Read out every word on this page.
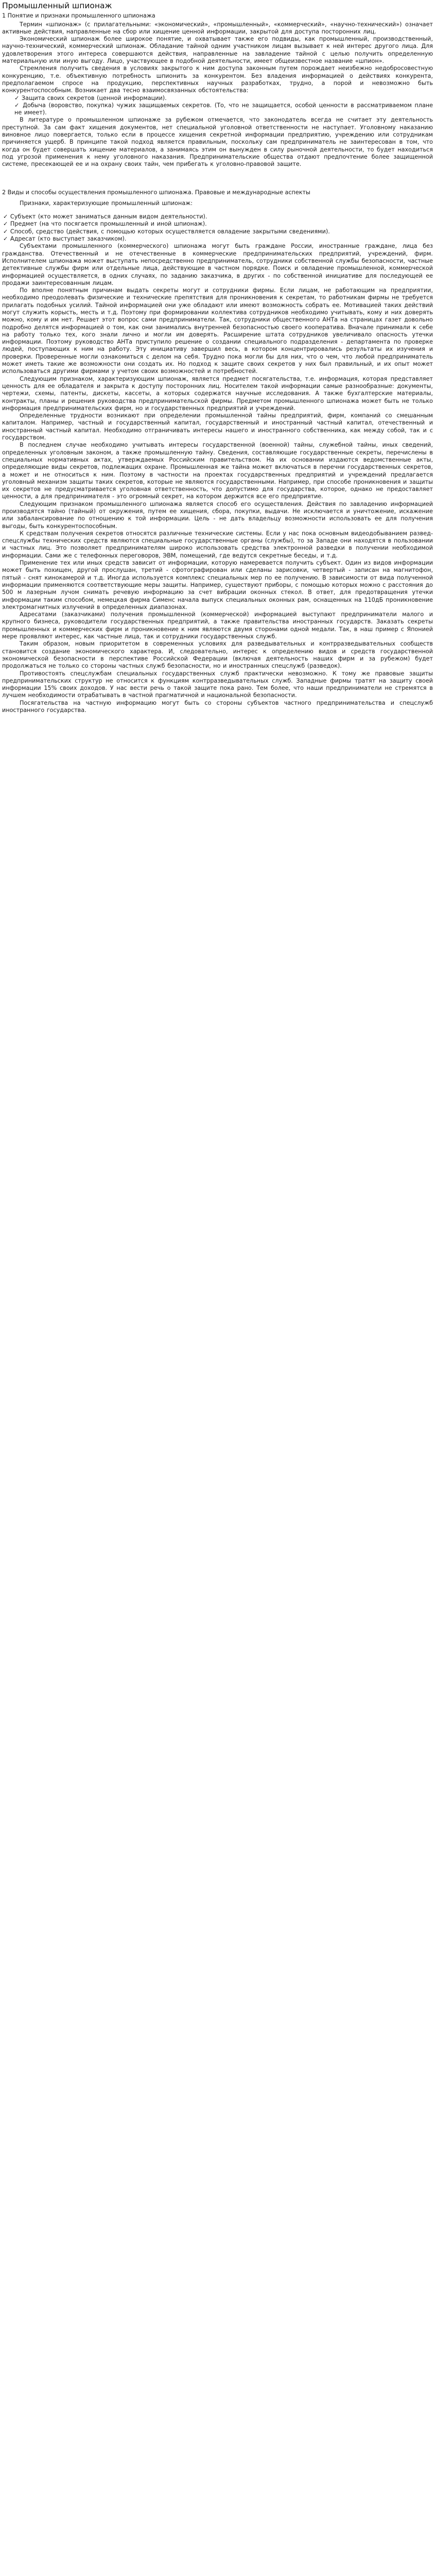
Промышленный шпионаж
1 Понятие и признаки промышленного шпионажа

Термин «шпионаж» (с прилагательными: «экономический», «промышленный», «коммерческий», «научно-технический») означает активные действия, направленные на сбор или хищение ценной информации, закрытой для доступа посторонних лиц.

Экономический шпионаж более широкое понятие, и охватывает также его подвиды, как промышленный, производственный, научно-технический, коммерческий шпионаж. Обладание тайной одним участником лицам вызывает к ней интерес другого лица. Для удовлетворения этого интереса совершаются действия, направленные на завладение тайной с целью получить определенную материальную или иную выгоду. Лицо, участвующее в подобной деятельности, имеет общеизвестное название «шпион».

Стремления получить сведения в условиях закрытого к ним доступа законным путем порождает неизбежно недобросовестную конкуренцию, т.е. объективную потребность шпионить за конкурентом. Без владения информацией о действиях конкурента, предполагаемом спросе на продукцию, перспективных научных разработках, трудно, а порой и невозможно быть конкурентоспособным. Возникает два тесно взаимосвязанных обстоятельства:

✓ Защита своих секретов (ценной информации).

✓ Добыча (воровство, покупка) чужих защищаемых секретов. (То, что не защищается, особой ценности в рассматриваемом плане не имеет).

В литературе о промышленном шпионаже за рубежом отмечается, что законодатель всегда не считает эту деятельность преступной. За сам факт хищения документов, нет специальной уголовной ответственности не наступает. Уголовному наказанию виновное лицо повергается, только если в процессе хищения секретной информации предприятию, учреждению или сотрудникам причиняется ущерб. В принципе такой подход является правильным, поскольку сам предприниматель не заинтересован в том, что когда он будет совершать хищение материалов, а занимаясь этим он вынужден в силу рыночной деятельности, то будет находиться под угрозой применения к нему уголовного наказания. Предпринимательские общества отдают предпочтение более защищенной системе, пресекающей ее и на охрану своих тайн, чем прибегать к уголовно-правовой защите.

2 Виды и способы осуществления промышленного шпионажа. Правовые и международные аспекты

Признаки, характеризующие промышленный шпионаж:

✓ Субъект (кто может заниматься данным видом деятельности).

✓ Предмет (на что посягается промышленный и иной шпионаж).

✓ Способ, средство (действия, с помощью которых осуществляется овладение закрытыми сведениями).

✓ Адресат (кто выступает заказчиком).

Субъектами промышленного (коммерческого) шпионажа могут быть граждане России, иностранные граждане, лица без гражданства. Отечественный и не отечественные в коммерческие предпринимательских предприятий, учреждений, фирм. Исполнителем шпионажа может выступать непосредственно предприниматель, сотрудники собственной службы безопасности, частные детективные службы фирм или отдельные лица, действующие в частном порядке. Поиск и овладение промышленной, коммерческой информацией осуществляется, в одних случаях, по заданию заказчика, в других - по собственной инициативе для последующей ее продажи заинтересованным лицам.

По вполне понятным причинам выдать секреты могут и сотрудники фирмы. Если лицам, не работающим на предприятии, необходимо преодолевать физические и технические препятствия для проникновения к секретам, то работникам фирмы не требуется прилагать подобных усилий. Тайной информацией они уже обладают или имеют возможность собрать ее. Мотивацией таких действий могут служить корысть, месть и т.д. Поэтому при формировании коллектива сотрудников необходимо учитывать, кому и них доверять можно, кому и им нет. Решает этот вопрос сами предприниматели. Так, сотрудники общественного АНТа на страницах газет довольно подробно делятся информацией о том, как они занимались внутренней безопасностью своего кооператива. Вначале принимали к себе на работу только тех, кого знали лично и могли им доверять. Расширение штата сотрудников увеличивало опасность утечки информации. Поэтому руководство АНТа приступило решение о создании специального подразделения - департамента по проверке людей, поступающих к ним на работу. Эту инициативу завершил весь, в котором концентрировались результаты их изучения и проверки. Проверенные могли ознакомиться с делом на себя. Трудно пока могли бы для них, что о чем, что любой предприниматель может иметь такие же возможности они создать их. Но подход к защите своих секретов у них был правильный, и их опыт может использоваться другими фирмами у учетом своих возможностей и потребностей.

Следующим признаком, характеризующим шпионаж, является предмет посягательства, т.е. информация, которая представляет ценность для ее обладателя и закрыта к доступу посторонних лиц. Носителем такой информации самые разнообразные: документы, чертежи, схемы, патенты, дискеты, кассеты, а которых содержатся научные исследования. А также бухгалтерские материалы, контракты, планы и решения руководства предпринимательской фирмы. Предметом промышленного шпионажа может быть не только информация предпринимательских фирм, но и государственных предприятий и учреждений.

Определенные трудности возникают при определении промышленной тайны предприятий, фирм, компаний со смешанным капиталом. Например, частный и государственный капитал, государственный и иностранный частный капитал, отечественный и иностранный частный капитал. Необходимо отграничивать интересы нашего и иностранного собственника, как между собой, так и с государством.

В последнем случае необходимо учитывать интересы государственной (военной) тайны, служебной тайны, иных сведений, определенных уголовным законом, а также промышленную тайну. Сведения, составляющие государственные секреты, перечислены в специальных нормативных актах, утверждаемых Российским правительством. На их основании издаются ведомственные акты, определяющие виды секретов, подлежащих охране. Промышленная же тайна может включаться в перечни государственных секретов, а может и не относиться к ним. Поэтому в частности на проектах государственных предприятий и учреждений предлагается уголовный механизм защиты таких секретов, которые не являются государственными. Например, при способе проникновения и защиты их секретов не предусматривается уголовная ответственность, что допустимо для государства, которое, однако не предоставляет ценности, а для предпринимателя - это огромный секрет, на котором держится все его предприятие.

Следующим признаком промышленного шпионажа является способ его осуществления. Действия по завладению информацией производятся тайно (тайный) от окружения, путем ее хищения, сбора, покупки, выдачи. Не исключается и уничтожение, искажение или забалансирование по отношению к той информации. Цель - не дать владельцу возможности использовать ее для получения выгоды, быть конкурентоспособным.

К средствам получения секретов относятся различные технические системы. Если у нас пока основным видеодобыванием развед-спецслужбы технических средств являются специальные государственные органы (службы), то за Западе они находятся в пользовании и частных лиц. Это позволяет предпринимателям широко использовать средства электронной разведки в получении необходимой информации. Сами же с телефонных переговоров, ЭВМ, помещений, где ведутся секретные беседы, и т.д.

Применение тех или иных средств зависит от информации, которую намеревается получить субъект. Один из видов информации может быть похищен, другой прослушан, третий - сфотографирован или сделаны зарисовки, четвертый - записан на магнитофон, пятый - снят кинокамерой и т.д. Иногда используется комплекс специальных мер по ее получению. В зависимости от вида полученной информации применяются соответствующие меры защиты. Например, существуют приборы, с помощью которых можно с расстояния до 500 м лазерным лучом снимать речевую информацию за счет вибрации оконных стекол. В ответ, для предотвращения утечки информации таким способом, немецкая фирма Сименс начала выпуск специальных оконных рам, оснащенных на 110дБ проникновение электромагнитных излучений в определенных диапазонах.

Адресатами (заказчиками) получения промышленной (коммерческой) информацией выступают предприниматели малого и крупного бизнеса, руководители государственных предприятий, а также правительства иностранных государств. Заказать секреты промышленных и коммерческих фирм и проникновение к ним являются двумя сторонами одной медали. Так, в наш пример с Японией мере проявляют интерес, как частные лица, так и сотрудники государственных служб.

Таким образом, новым приоритетом в современных условиях для разведывательных и контрразведывательных сообществ становится создание экономического характера. И, следовательно, интерес к определению видов и средств государственной экономической безопасности в перспективе Российской Федерации (включая деятельность наших фирм и за рубежом) будет продолжаться не только со стороны частных служб безопасности, но и иностранных спецслужб (разведок).

Противостоять спецслужбам специальных государственных служб практически невозможно. К тому же правовые защиты предпринимательских структур не относится к функциям контрразведывательных служб. Западные фирмы тратят на защиту своей информации 15% своих доходов. У нас вести речь о такой защите пока рано. Тем более, что наши предприниматели не стремятся в лучшем необходимости отрабатывать в частной прагматичной и национальной безопасности.

Посягательства на частную информацию могут быть со стороны субъектов частного предпринимательства и спецслужб иностранного государства.
